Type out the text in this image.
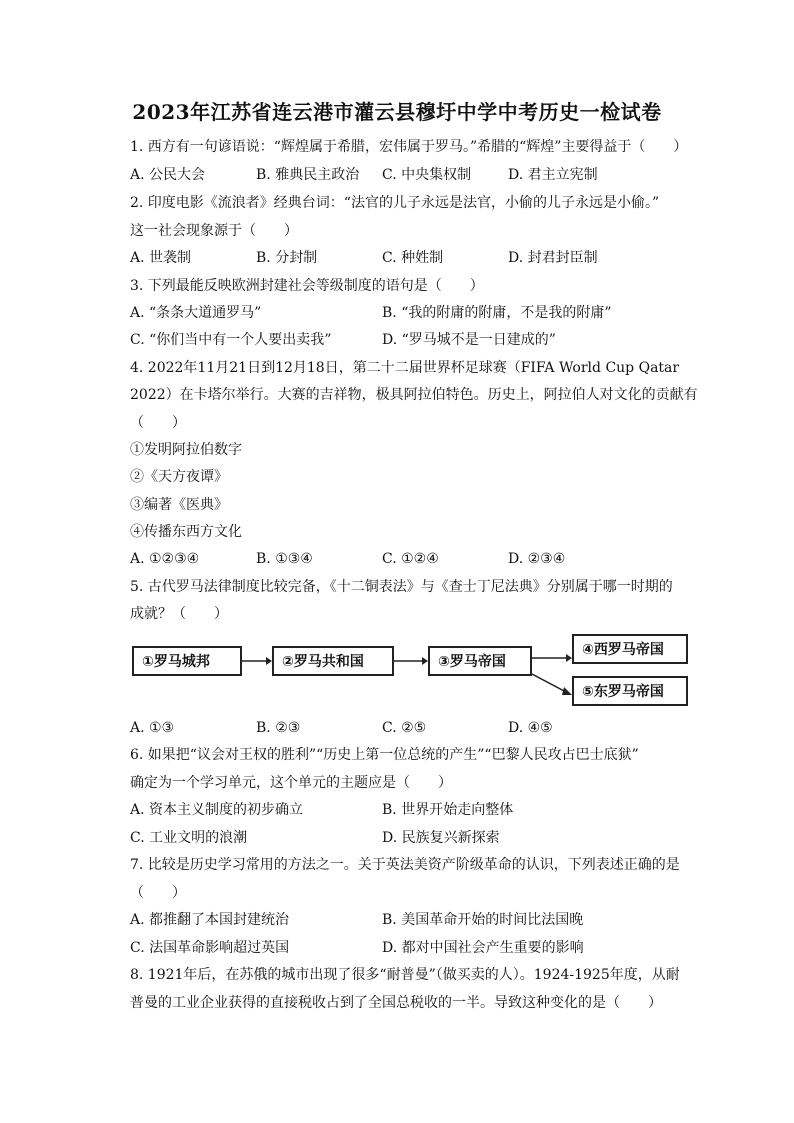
2023年江苏省连云港市灌云县穆圩中学中考历史一检试卷
1. 西方有一句谚语说：“辉煌属于希腊，宏伟属于罗马。”希腊的“辉煌”主要得益于（　　）
A. 公民大会	B. 雅典民主政治 C. 中央集权制	D. 君主立宪制
2. 印度电影《流浪者》经典台词：“法官的儿子永远是法官，小偷的儿子永远是小偷。”
这一社会现象源于（　　）
A. 世袭制	B. 分封制	C. 种姓制	D. 封君封臣制
3. 下列最能反映欧洲封建社会等级制度的语句是（　　）
A. “条条大道通罗马”	B. “我的附庸的附庸，不是我的附庸”
C. “你们当中有一个人要出卖我”	D. “罗马城不是一日建成的”
4. 2022年11月21日到12月18日，第二十二届世界杯足球赛（FIFA World Cup Qatar
2022）在卡塔尔举行。大赛的吉祥物，极具阿拉伯特色。历史上，阿拉伯人对文化的贡献有
（　　）
①发明阿拉伯数字
②《天方夜谭》
③编著《医典》
④传播东西方文化
A. ①②③④	B. ①③④	C. ①②④	D. ②③④
5. 古代罗马法律制度比较完备，《十二铜表法》与《查士丁尼法典》分别属于哪一时期的
成就？（　　）
①罗马城邦	②罗马共和国	③罗马帝国
④西罗马帝国
⑤东罗马帝国
A. ①③	B. ②③	C. ②⑤	D. ④⑤
6. 如果把“议会对王权的胜利”“历史上第一位总统的产生”“巴黎人民攻占巴士底狱”
确定为一个学习单元，这个单元的主题应是（　　）
A. 资本主义制度的初步确立	B. 世界开始走向整体
C. 工业文明的浪潮	D. 民族复兴新探索
7. 比较是历史学习常用的方法之一。关于英法美资产阶级革命的认识，下列表述正确的是
（　　）
A. 都推翻了本国封建统治	B. 美国革命开始的时间比法国晚
C. 法国革命影响超过英国	D. 都对中国社会产生重要的影响
8. 1921年后，在苏俄的城市出现了很多“耐普曼”（做买卖的人）。1924-1925年度，从耐
普曼的工业企业获得的直接税收占到了全国总税收的一半。导致这种变化的是（　　）
